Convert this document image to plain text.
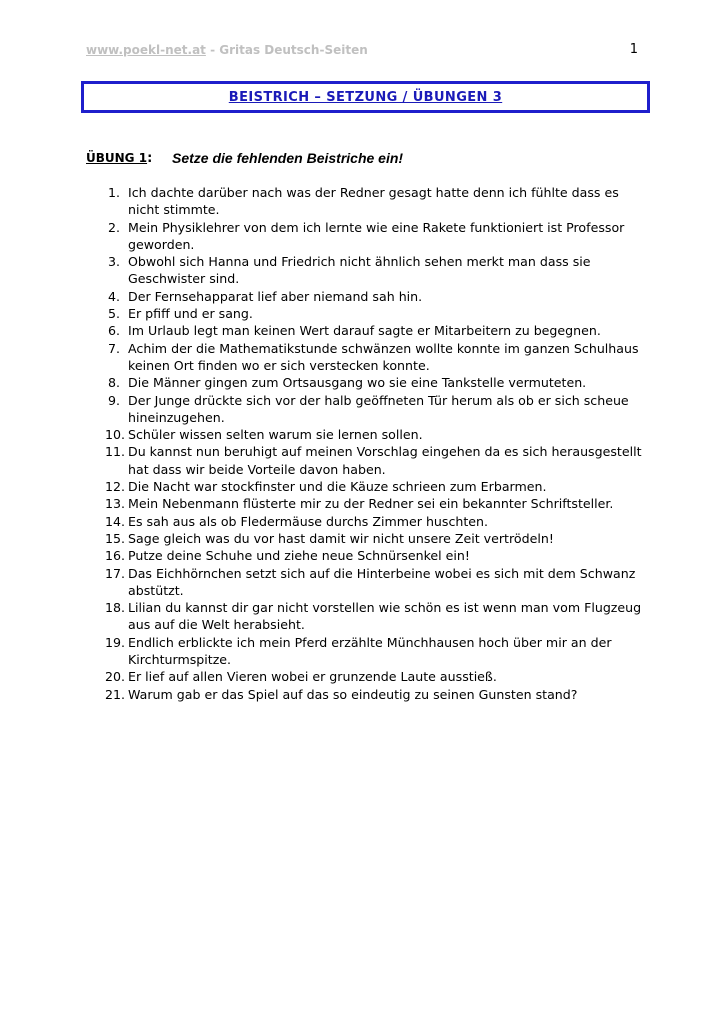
www.poekl-net.at - Gritas Deutsch-Seiten	1
BEISTRICH – SETZUNG / ÜBUNGEN 3
ÜBUNG 1: Setze die fehlenden Beistriche ein!
1. Ich dachte darüber nach was der Redner gesagt hatte denn ich fühlte dass es nicht stimmte.
2. Mein Physiklehrer von dem ich lernte wie eine Rakete funktioniert ist Professor geworden.
3. Obwohl sich Hanna und Friedrich nicht ähnlich sehen merkt man dass sie Geschwister sind.
4. Der Fernsehapparat lief aber niemand sah hin.
5. Er pfiff und er sang.
6. Im Urlaub legt man keinen Wert darauf sagte er Mitarbeitern zu begegnen.
7. Achim der die Mathematikstunde schwänzen wollte konnte im ganzen Schulhaus keinen Ort finden wo er sich verstecken konnte.
8. Die Männer gingen zum Ortsausgang wo sie eine Tankstelle vermuteten.
9. Der Junge drückte sich vor der halb geöffneten Tür herum als ob er sich scheue hineinzugehen.
10. Schüler wissen selten warum sie lernen sollen.
11. Du kannst nun beruhigt auf meinen Vorschlag eingehen da es sich herausgestellt hat dass wir beide Vorteile davon haben.
12. Die Nacht war stockfinster und die Käuze schrieen zum Erbarmen.
13. Mein Nebenmann flüsterte mir zu der Redner sei ein bekannter Schriftsteller.
14. Es sah aus als ob Fledermäuse durchs Zimmer huschten.
15. Sage gleich was du vor hast damit wir nicht unsere Zeit vertrödeln!
16. Putze deine Schuhe und ziehe neue Schnürsenkel ein!
17. Das Eichhörnchen setzt sich auf die Hinterbeine wobei es sich mit dem Schwanz abstützt.
18. Lilian du kannst dir gar nicht vorstellen wie schön es ist wenn man vom Flugzeug aus auf die Welt herabsieht.
19. Endlich erblickte ich mein Pferd erzählte Münchhausen hoch über mir an der Kirchturmspitze.
20. Er lief auf allen Vieren wobei er grunzende Laute ausstieß.
21. Warum gab er das Spiel auf das so eindeutig zu seinen Gunsten stand?
